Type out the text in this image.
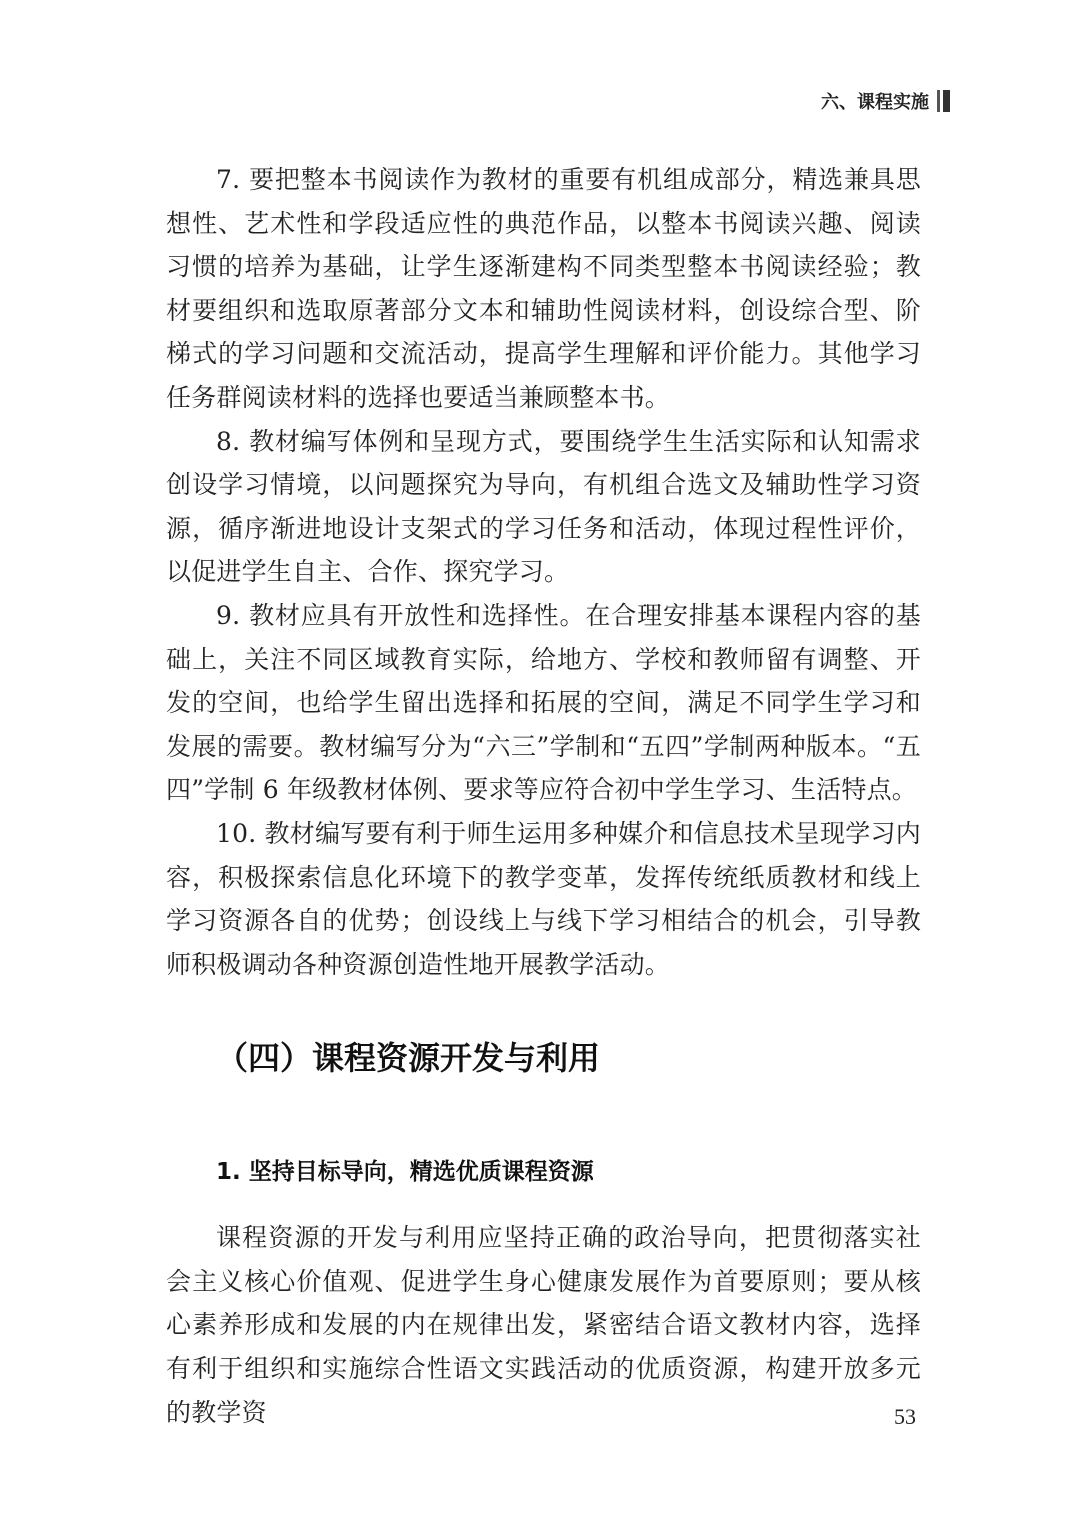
六、课程实施

7. 要把整本书阅读作为教材的重要有机组成部分，精选兼具思想性、艺术性和学段适应性的典范作品，以整本书阅读兴趣、阅读习惯的培养为基础，让学生逐渐建构不同类型整本书阅读经验；教材要组织和选取原著部分文本和辅助性阅读材料，创设综合型、阶梯式的学习问题和交流活动，提高学生理解和评价能力。其他学习任务群阅读材料的选择也要适当兼顾整本书。

8. 教材编写体例和呈现方式，要围绕学生生活实际和认知需求创设学习情境，以问题探究为导向，有机组合选文及辅助性学习资源，循序渐进地设计支架式的学习任务和活动，体现过程性评价，以促进学生自主、合作、探究学习。

9. 教材应具有开放性和选择性。在合理安排基本课程内容的基础上，关注不同区域教育实际，给地方、学校和教师留有调整、开发的空间，也给学生留出选择和拓展的空间，满足不同学生学习和发展的需要。教材编写分为“六三”学制和“五四”学制两种版本。“五四”学制 6 年级教材体例、要求等应符合初中学生学习、生活特点。

10. 教材编写要有利于师生运用多种媒介和信息技术呈现学习内容，积极探索信息化环境下的教学变革，发挥传统纸质教材和线上学习资源各自的优势；创设线上与线下学习相结合的机会，引导教师积极调动各种资源创造性地开展教学活动。

（四）课程资源开发与利用
1. 坚持目标导向，精选优质课程资源

课程资源的开发与利用应坚持正确的政治导向，把贯彻落实社会主义核心价值观、促进学生身心健康发展作为首要原则；要从核心素养形成和发展的内在规律出发，紧密结合语文教材内容，选择有利于组织和实施综合性语文实践活动的优质资源，构建开放多元的教学资	53
